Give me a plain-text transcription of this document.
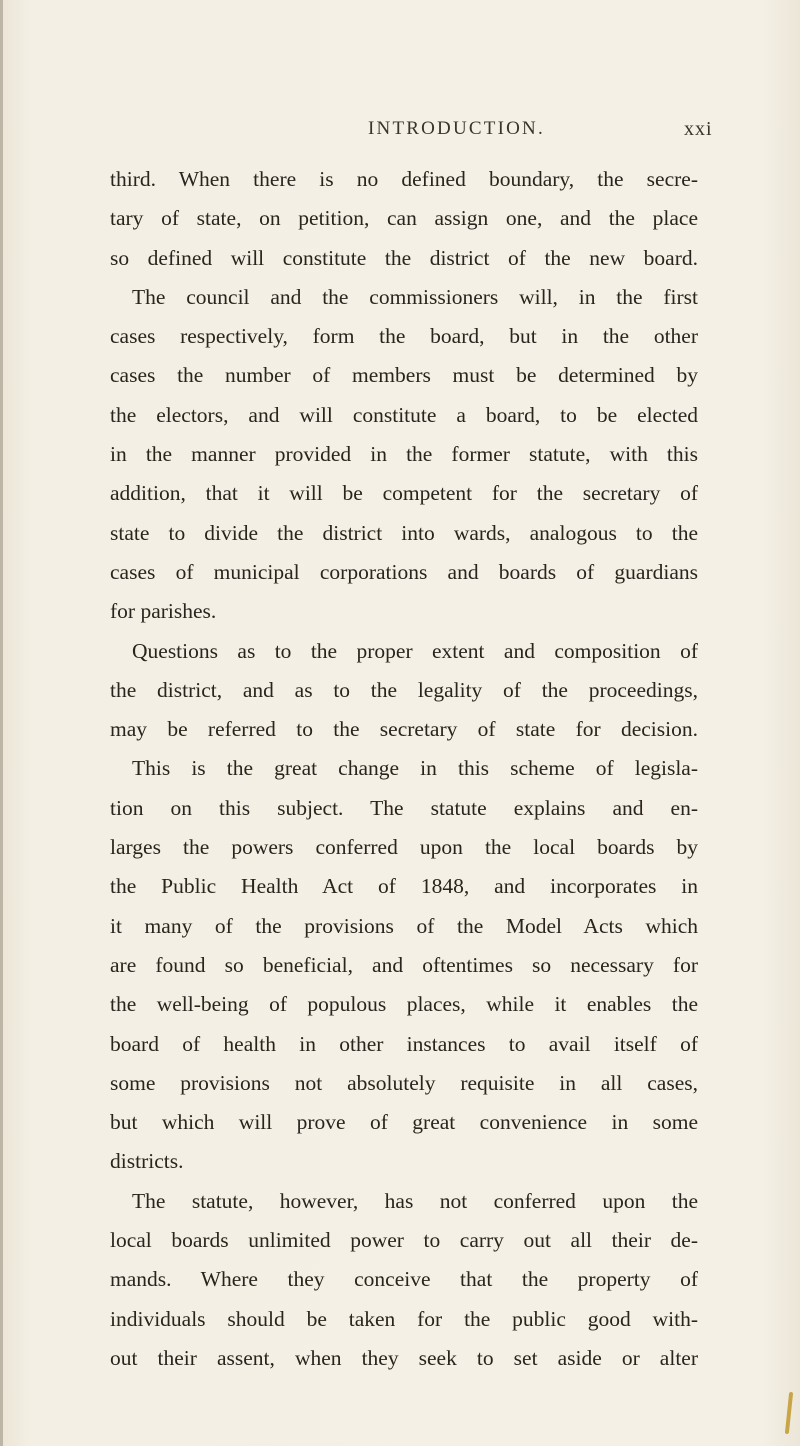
INTRODUCTION.	xxi
third. When there is no defined boundary, the secre-
tary of state, on petition, can assign one, and the place
so defined will constitute the district of the new board.
The council and the commissioners will, in the first
cases respectively, form the board, but in the other
cases the number of members must be determined by
the electors, and will constitute a board, to be elected
in the manner provided in the former statute, with this
addition, that it will be competent for the secretary of
state to divide the district into wards, analogous to the
cases of municipal corporations and boards of guardians
for parishes.
Questions as to the proper extent and composition of
the district, and as to the legality of the proceedings,
may be referred to the secretary of state for decision.
This is the great change in this scheme of legisla-
tion on this subject. The statute explains and en-
larges the powers conferred upon the local boards by
the Public Health Act of 1848, and incorporates in
it many of the provisions of the Model Acts which
are found so beneficial, and oftentimes so necessary for
the well-being of populous places, while it enables the
board of health in other instances to avail itself of
some provisions not absolutely requisite in all cases,
but which will prove of great convenience in some
districts.
The statute, however, has not conferred upon the
local boards unlimited power to carry out all their de-
mands. Where they conceive that the property of
individuals should be taken for the public good with-
out their assent, when they seek to set aside or alter
